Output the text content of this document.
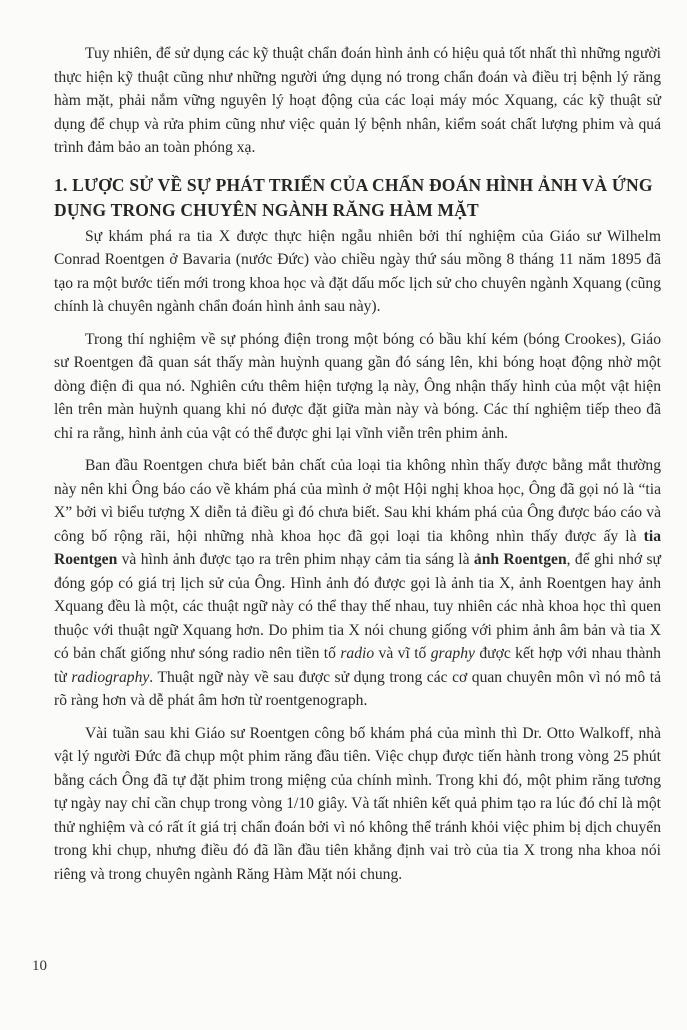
Tuy nhiên, để sử dụng các kỹ thuật chẩn đoán hình ảnh có hiệu quả tốt nhất thì những người thực hiện kỹ thuật cũng như những người ứng dụng nó trong chẩn đoán và điều trị bệnh lý răng hàm mặt, phải nắm vững nguyên lý hoạt động của các loại máy móc Xquang, các kỹ thuật sử dụng để chụp và rửa phim cũng như việc quản lý bệnh nhân, kiểm soát chất lượng phim và quá trình đảm bảo an toàn phóng xạ.

1. LƯỢC SỬ VỀ SỰ PHÁT TRIỂN CỦA CHẨN ĐOÁN HÌNH ẢNH VÀ ỨNG DỤNG TRONG CHUYÊN NGÀNH RĂNG HÀM MẶT

Sự khám phá ra tia X được thực hiện ngẫu nhiên bởi thí nghiệm của Giáo sư Wilhelm Conrad Roentgen ở Bavaria (nước Đức) vào chiều ngày thứ sáu mồng 8 tháng 11 năm 1895 đã tạo ra một bước tiến mới trong khoa học và đặt dấu mốc lịch sử cho chuyên ngành Xquang (cũng chính là chuyên ngành chẩn đoán hình ảnh sau này).

Trong thí nghiệm về sự phóng điện trong một bóng có bầu khí kém (bóng Crookes), Giáo sư Roentgen đã quan sát thấy màn huỳnh quang gần đó sáng lên, khi bóng hoạt động nhờ một dòng điện đi qua nó. Nghiên cứu thêm hiện tượng lạ này, Ông nhận thấy hình của một vật hiện lên trên màn huỳnh quang khi nó được đặt giữa màn này và bóng. Các thí nghiệm tiếp theo đã chỉ ra rằng, hình ảnh của vật có thể được ghi lại vĩnh viễn trên phim ảnh.

Ban đầu Roentgen chưa biết bản chất của loại tia không nhìn thấy được bằng mắt thường này nên khi Ông báo cáo về khám phá của mình ở một Hội nghị khoa học, Ông đã gọi nó là “tia X” bởi vì biểu tượng X diễn tả điều gì đó chưa biết. Sau khi khám phá của Ông được báo cáo và công bố rộng rãi, hội những nhà khoa học đã gọi loại tia không nhìn thấy được ấy là tia Roentgen và hình ảnh được tạo ra trên phim nhạy cảm tia sáng là ảnh Roentgen, để ghi nhớ sự đóng góp có giá trị lịch sử của Ông. Hình ảnh đó được gọi là ảnh tia X, ảnh Roentgen hay ảnh Xquang đều là một, các thuật ngữ này có thể thay thế nhau, tuy nhiên các nhà khoa học thì quen thuộc với thuật ngữ Xquang hơn. Do phim tia X nói chung giống với phim ảnh âm bản và tia X có bản chất giống như sóng radio nên tiền tố radio và vĩ tố graphy được kết hợp với nhau thành từ radiography. Thuật ngữ này về sau được sử dụng trong các cơ quan chuyên môn vì nó mô tả rõ ràng hơn và dễ phát âm hơn từ roentgenograph.

Vài tuần sau khi Giáo sư Roentgen công bố khám phá của mình thì Dr. Otto Walkoff, nhà vật lý người Đức đã chụp một phim răng đầu tiên. Việc chụp được tiến hành trong vòng 25 phút bằng cách Ông đã tự đặt phim trong miệng của chính mình. Trong khi đó, một phim răng tương tự ngày nay chỉ cần chụp trong vòng 1/10 giây. Và tất nhiên kết quả phim tạo ra lúc đó chỉ là một thử nghiệm và có rất ít giá trị chẩn đoán bởi vì nó không thể tránh khỏi việc phim bị dịch chuyển trong khi chụp, nhưng điều đó đã lần đầu tiên khẳng định vai trò của tia X trong nha khoa nói riêng và trong chuyên ngành Răng Hàm Mặt nói chung.

10
